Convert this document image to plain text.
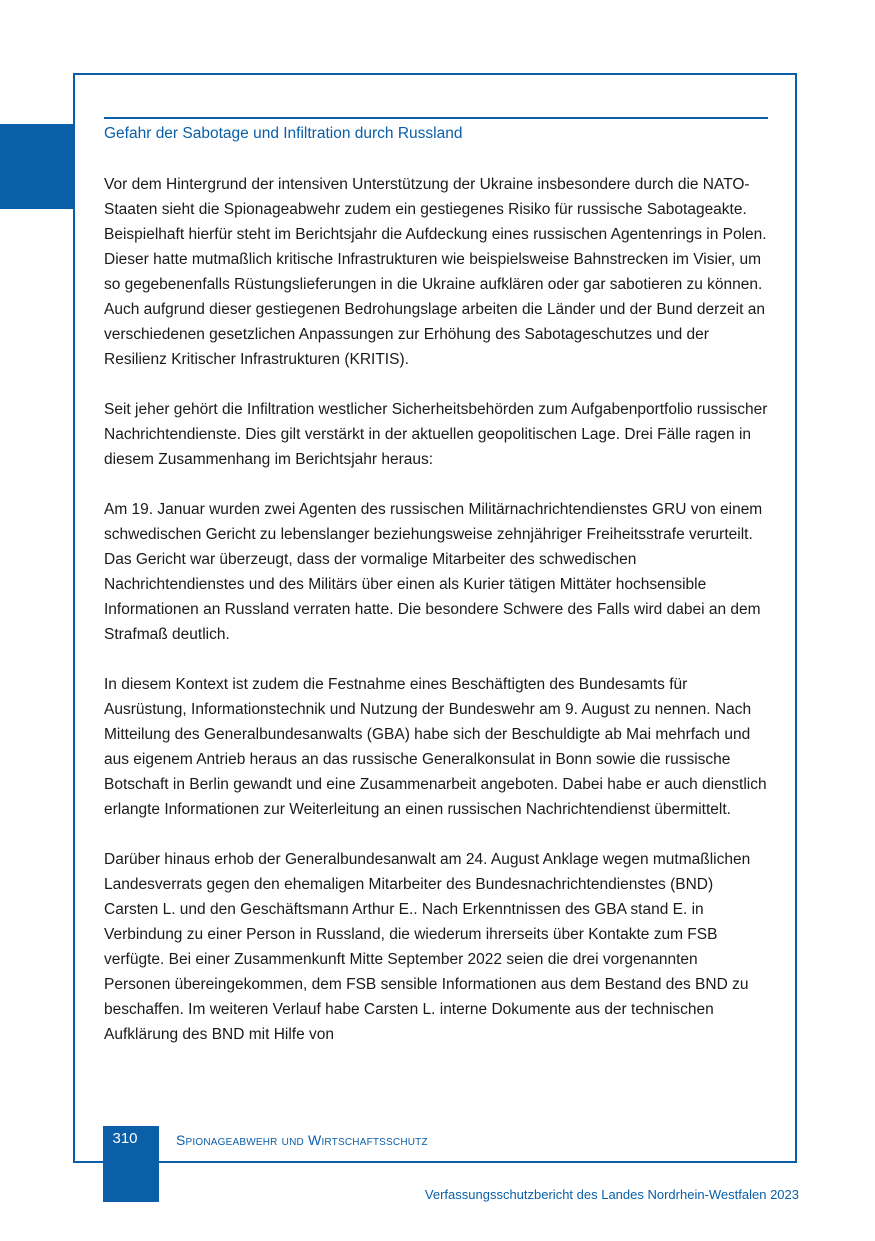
Gefahr der Sabotage und Infiltration durch Russland

Vor dem Hintergrund der intensiven Unterstützung der Ukraine insbesondere durch die NATO-Staaten sieht die Spionageabwehr zudem ein gestiegenes Risiko für russische Sabotageakte. Beispielhaft hierfür steht im Berichtsjahr die Aufdeckung eines russischen Agentenrings in Polen. Dieser hatte mutmaßlich kritische Infrastrukturen wie beispielsweise Bahnstrecken im Visier, um so gegebenenfalls Rüstungslieferungen in die Ukraine aufklären oder gar sabotieren zu können. Auch aufgrund dieser gestiegenen Bedrohungslage arbeiten die Länder und der Bund derzeit an verschiedenen gesetzlichen Anpassungen zur Erhöhung des Sabotageschutzes und der Resilienz Kritischer Infrastrukturen (KRITIS).

Seit jeher gehört die Infiltration westlicher Sicherheitsbehörden zum Aufgabenportfolio russischer Nachrichtendienste. Dies gilt verstärkt in der aktuellen geopolitischen Lage. Drei Fälle ragen in diesem Zusammenhang im Berichtsjahr heraus:

Am 19. Januar wurden zwei Agenten des russischen Militärnachrichtendienstes GRU von einem schwedischen Gericht zu lebenslanger beziehungsweise zehnjähriger Freiheitsstrafe verurteilt. Das Gericht war überzeugt, dass der vormalige Mitarbeiter des schwedischen Nachrichtendienstes und des Militärs über einen als Kurier tätigen Mittäter hochsensible Informationen an Russland verraten hatte. Die besondere Schwere des Falls wird dabei an dem Strafmaß deutlich.

In diesem Kontext ist zudem die Festnahme eines Beschäftigten des Bundesamts für Ausrüstung, Informationstechnik und Nutzung der Bundeswehr am 9. August zu nennen. Nach Mitteilung des Generalbundesanwalts (GBA) habe sich der Beschuldigte ab Mai mehrfach und aus eigenem Antrieb heraus an das russische Generalkonsulat in Bonn sowie die russische Botschaft in Berlin gewandt und eine Zusammenarbeit angeboten. Dabei habe er auch dienstlich erlangte Informationen zur Weiterleitung an einen russischen Nachrichtendienst übermittelt.

Darüber hinaus erhob der Generalbundesanwalt am 24. August Anklage wegen mutmaßlichen Landesverrats gegen den ehemaligen Mitarbeiter des Bundesnachrichtendienstes (BND) Carsten L. und den Geschäftsmann Arthur E.. Nach Erkenntnissen des GBA stand E. in Verbindung zu einer Person in Russland, die wiederum ihrerseits über Kontakte zum FSB verfügte. Bei einer Zusammenkunft Mitte September 2022 seien die drei vorgenannten Personen übereingekommen, dem FSB sensible Informationen aus dem Bestand des BND zu beschaffen. Im weiteren Verlauf habe Carsten L. interne Dokumente aus der technischen Aufklärung des BND mit Hilfe von

310	Spionageabwehr und Wirtschaftsschutz
Verfassungsschutzbericht des Landes Nordrhein-Westfalen 2023
